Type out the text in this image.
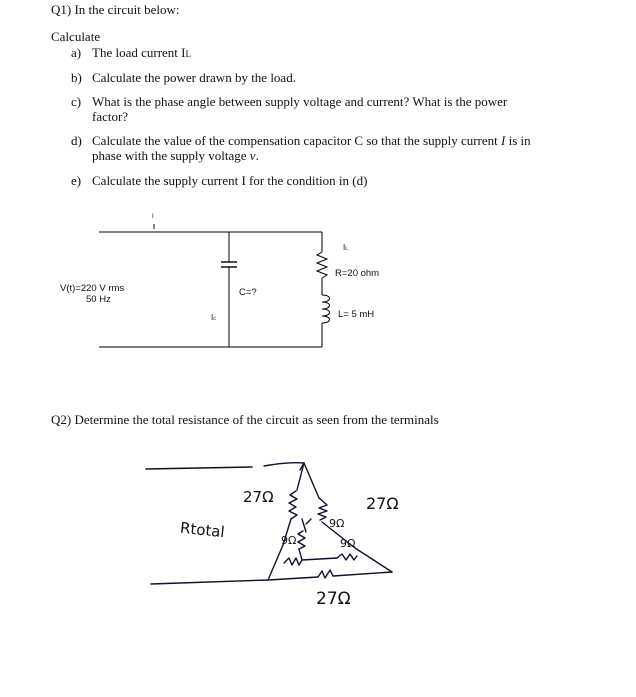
Q1) In the circuit below:
Calculate
a) The load current IL
b) Calculate the power drawn by the load.
c) What is the phase angle between supply voltage and current? What is the power
factor?
d) Calculate the value of the compensation capacitor C so that the supply current I is in
phase with the supply voltage v.
e) Calculate the supply current I for the condition in (d)
V(t)=220 V rms
50 Hz
C=?
Ic
IL
R=20 ohm
L= 5 mH
I
Q2) Determine the total resistance of the circuit as seen from the terminals
27Ω	27Ω
27Ω
Rtotal	9Ω
9Ω
9Ω
